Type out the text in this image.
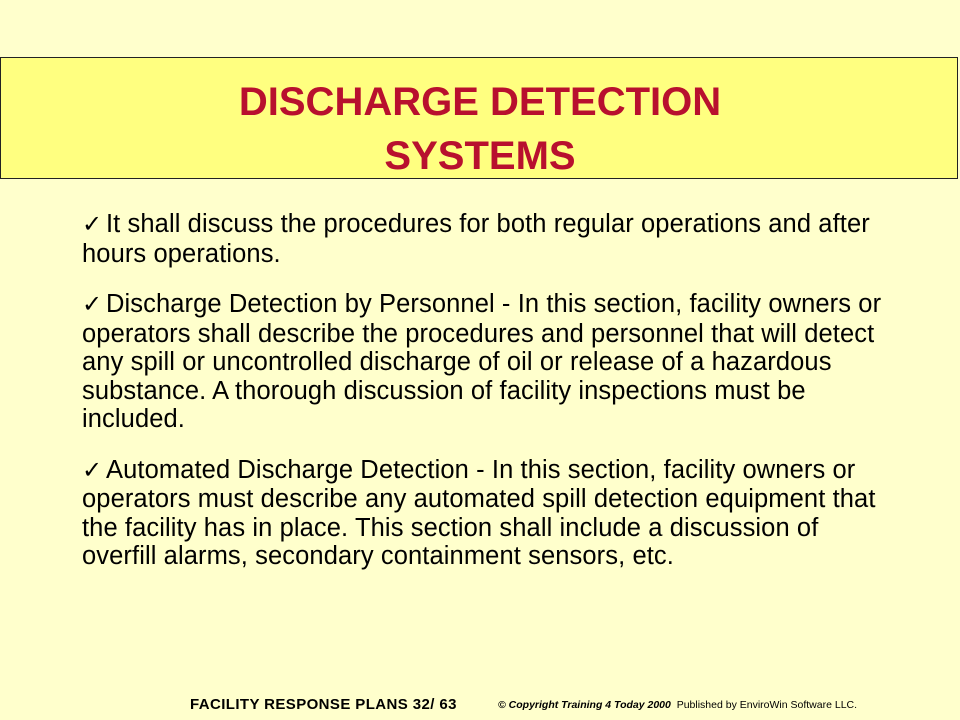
DISCHARGE DETECTION
SYSTEMS
✓ It shall discuss the procedures for both regular operations and after hours operations.
✓ Discharge Detection by Personnel - In this section, facility owners or operators shall describe the procedures and personnel that will detect any spill or uncontrolled discharge of oil or release of a hazardous substance. A thorough discussion of facility inspections must be included.
✓ Automated Discharge Detection - In this section, facility owners or operators must describe any automated spill detection equipment that the facility has in place. This section shall include a discussion of overfill alarms, secondary containment sensors, etc.
FACILITY RESPONSE PLANS 32/ 63	© Copyright Training 4 Today 2000 Published by EnviroWin Software LLC.
